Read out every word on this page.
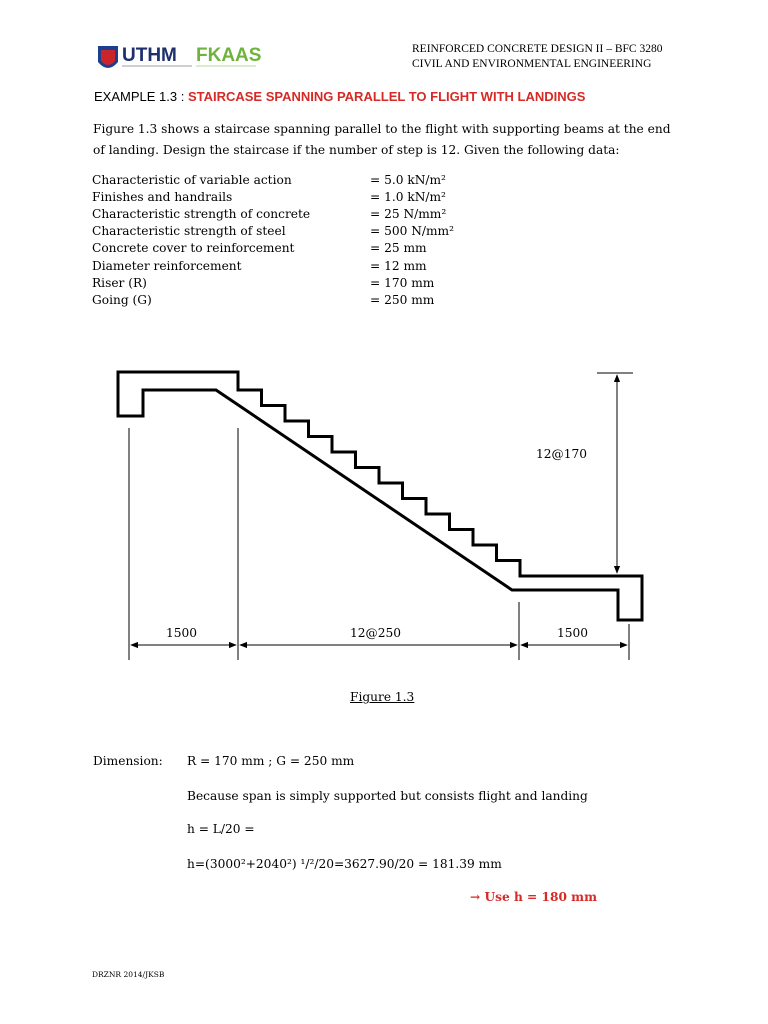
UTHM FKAAS	REINFORCED CONCRETE DESIGN II – BFC 3280
CIVIL AND ENVIRONMENTAL ENGINEERING
EXAMPLE 1.3 : STAIRCASE SPANNING PARALLEL TO FLIGHT WITH LANDINGS
Figure 1.3 shows a staircase spanning parallel to the flight with supporting beams at the end of landing. Design the staircase if the number of step is 12. Given the following data:
Characteristic of variable action	= 5.0 kN/m²
Finishes and handrails	= 1.0 kN/m²
Characteristic strength of concrete	= 25 N/mm²
Characteristic strength of steel	= 500 N/mm²
Concrete cover to reinforcement	= 25 mm
Diameter reinforcement	= 12 mm
Riser (R)	= 170 mm
Going (G)	= 250 mm
1500	12@250	1500
12@170
Figure 1.3
Dimension: R = 170 mm ; G = 250 mm
Because span is simply supported but consists flight and landing
h = L/20 =
h=(3000²+2040²) ¹/²/20=3627.90/20 = 181.39 mm
→ Use h = 180 mm
DRZNR 2014/JKSB
